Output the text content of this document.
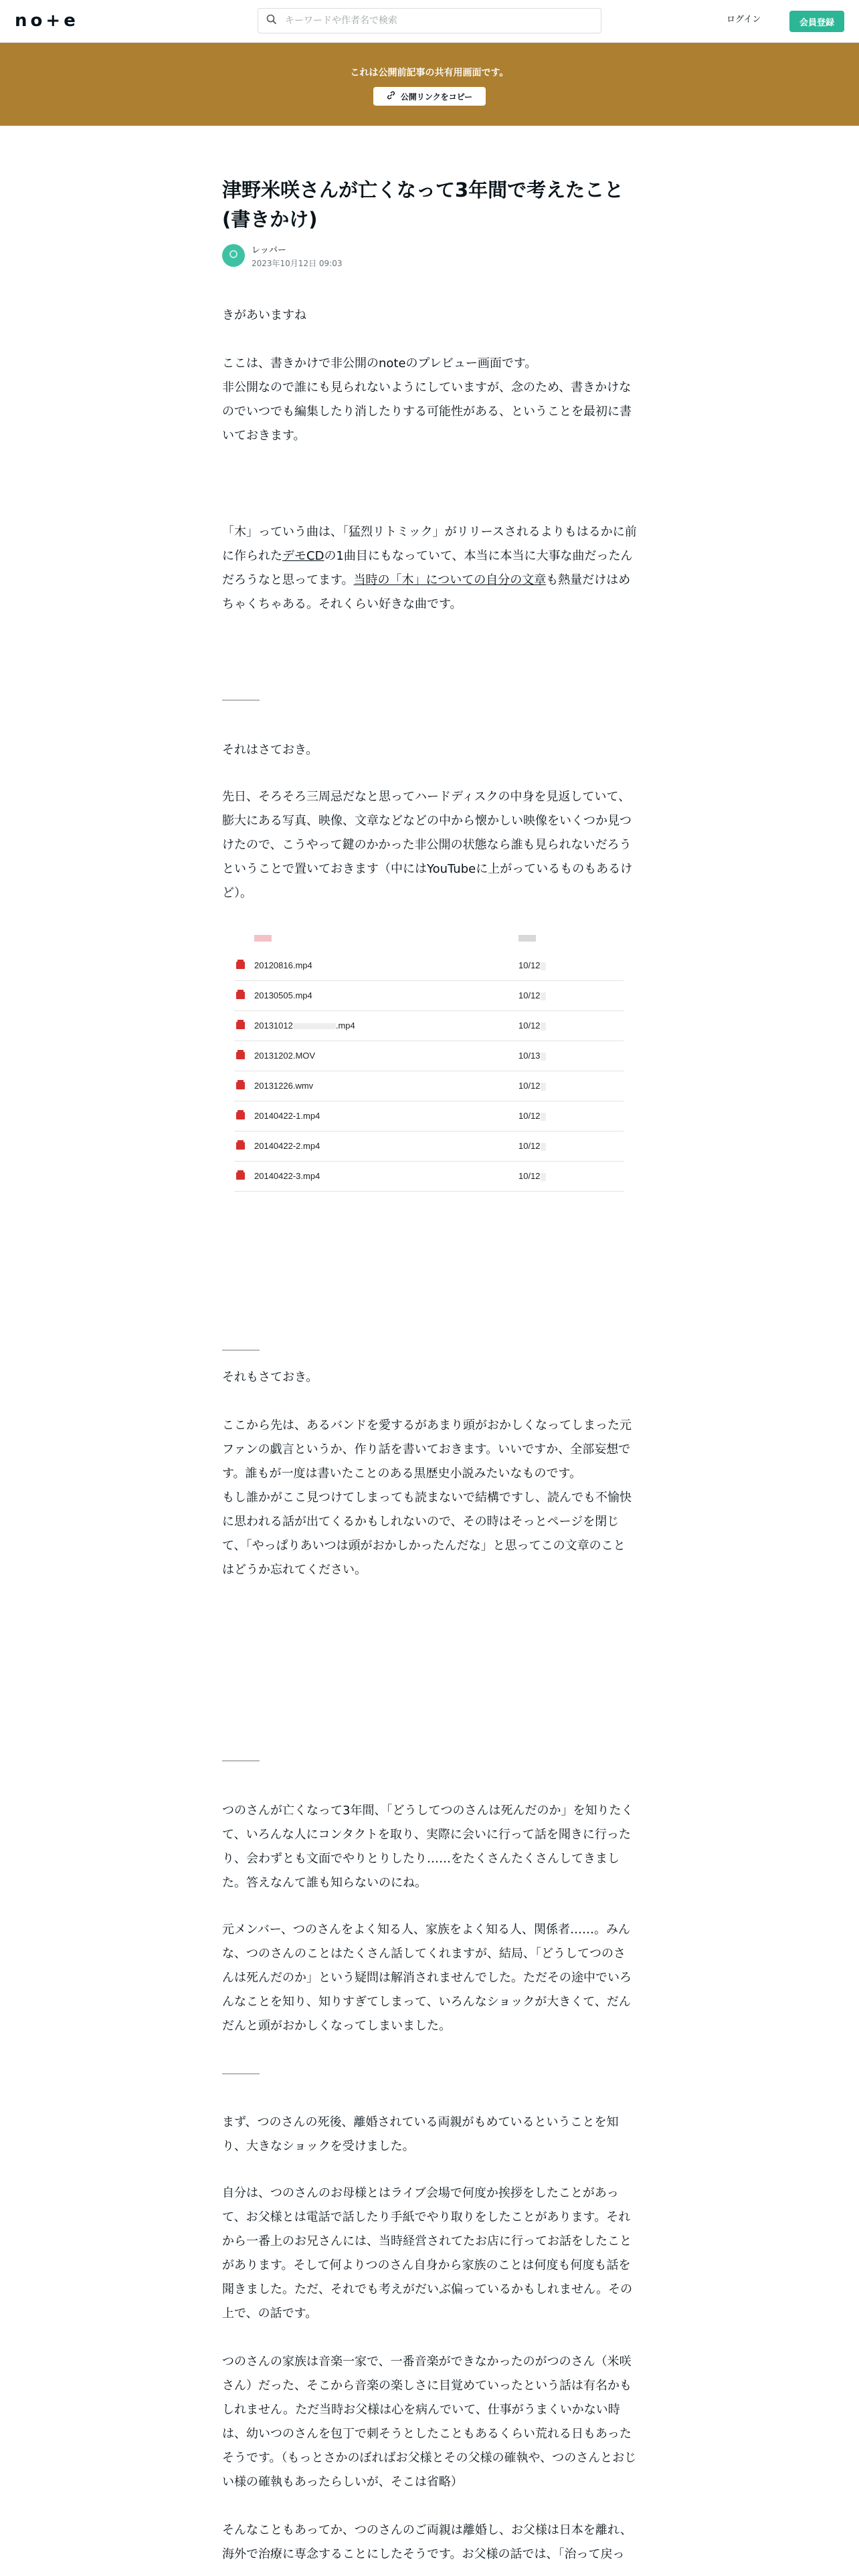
n o + e
キーワードや作者名で検索	ログイン	会員登録
これは公開前記事の共有用画面です。
公開リンクをコピー
津野米咲さんが亡くなって3年間で考えたこと(書きかけ)
レッパー
2023年10月12日 09:03

きがあいますね

ここは、書きかけで非公開のnoteのプレビュー画面です。
非公開なので誰にも見られないようにしていますが、念のため、書きかけなのでいつでも編集したり消したりする可能性がある、ということを最初に書いておきます。

「木」っていう曲は、「猛烈リトミック」がリリースされるよりもはるかに前に作られたデモCDの1曲目にもなっていて、本当に本当に大事な曲だったんだろうなと思ってます。当時の「木」についての自分の文章も熱量だけはめちゃくちゃある。それくらい好きな曲です。

それはさておき。

先日、そろそろ三周忌だなと思ってハードディスクの中身を見返していて、膨大にある写真、映像、文章などなどの中から懐かしい映像をいくつか見つけたので、こうやって鍵のかかった非公開の状態なら誰も見られないだろうということで置いておきます（中にはYouTubeに上がっているものもあるけど）。

20120816.mp4	10/12
20130505.mp4	10/12
20131012	.mp4	10/12
20131202.MOV	10/13
20131226.wmv	10/12
20140422-1.mp4	10/12
20140422-2.mp4	10/12
20140422-3.mp4	10/12

それもさておき。

ここから先は、あるバンドを愛するがあまり頭がおかしくなってしまった元ファンの戯言というか、作り話を書いておきます。いいですか、全部妄想です。誰もが一度は書いたことのある黒歴史小説みたいなものです。
もし誰かがここ見つけてしまっても読まないで結構ですし、読んでも不愉快に思われる話が出てくるかもしれないので、その時はそっとページを閉じて、「やっぱりあいつは頭がおかしかったんだな」と思ってこの文章のことはどうか忘れてください。

つのさんが亡くなって3年間、「どうしてつのさんは死んだのか」を知りたくて、いろんな人にコンタクトを取り、実際に会いに行って話を聞きに行ったり、会わずとも文面でやりとりしたり……をたくさんたくさんしてきました。答えなんて誰も知らないのにね。

元メンバー、つのさんをよく知る人、家族をよく知る人、関係者……。みんな、つのさんのことはたくさん話してくれますが、結局、「どうしてつのさんは死んだのか」という疑問は解消されませんでした。ただその途中でいろんなことを知り、知りすぎてしまって、いろんなショックが大きくて、だんだんと頭がおかしくなってしまいました。

まず、つのさんの死後、離婚されている両親がもめているということを知り、大きなショックを受けました。

自分は、つのさんのお母様とはライブ会場で何度か挨拶をしたことがあって、お父様とは電話で話したり手紙でやり取りをしたことがあります。それから一番上のお兄さんには、当時経営されてたお店に行ってお話をしたことがあります。そして何よりつのさん自身から家族のことは何度も何度も話を聞きました。ただ、それでも考えがだいぶ偏っているかもしれません。その上で、の話です。

つのさんの家族は音楽一家で、一番音楽ができなかったのがつのさん（米咲さん）だった、そこから音楽の楽しさに目覚めていったという話は有名かもしれません。ただ当時お父様は心を病んでいて、仕事がうまくいかない時は、幼いつのさんを包丁で刺そうとしたこともあるくらい荒れる日もあったそうです。（もっとさかのぼればお父様とその父様の確執や、つのさんとおじい様の確執もあったらしいが、そこは省略）

そんなこともあってか、つのさんのご両親は離婚し、お父様は日本を離れ、海外で治療に専念することにしたそうです。お父様の話では、「治って戻っ
